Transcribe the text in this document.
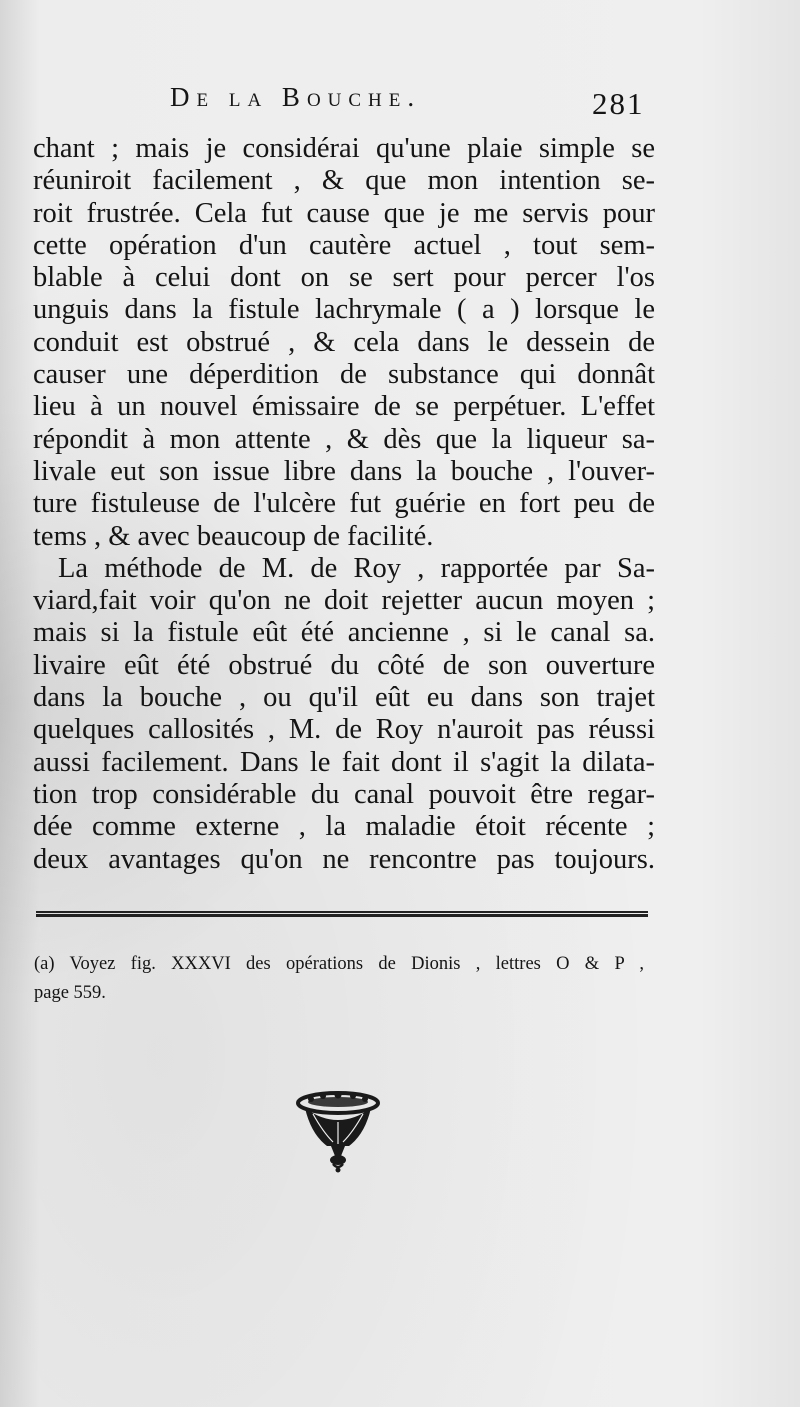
De la Bouche.	281
chant ; mais je considérai qu'une plaie simple se
réuniroit facilement , & que mon intention se-
roit frustrée. Cela fut cause que je me servis pour
cette opération d'un cautère actuel , tout sem-
blable à celui dont on se sert pour percer l'os
unguis dans la fistule lachrymale ( a ) lorsque le
conduit est obstrué , & cela dans le dessein de
causer une déperdition de substance qui donnât
lieu à un nouvel émissaire de se perpétuer. L'effet
répondit à mon attente , & dès que la liqueur sa-
livale eut son issue libre dans la bouche , l'ouver-
ture fistuleuse de l'ulcère fut guérie en fort peu de
tems , & avec beaucoup de facilité.
La méthode de M. de Roy , rapportée par Sa-
viard,fait voir qu'on ne doit rejetter aucun moyen ;
mais si la fistule eût été ancienne , si le canal sa.
livaire eût été obstrué du côté de son ouverture
dans la bouche , ou qu'il eût eu dans son trajet
quelques callosités , M. de Roy n'auroit pas réussi
aussi facilement. Dans le fait dont il s'agit la dilata-
tion trop considérable du canal pouvoit être regar-
dée comme externe , la maladie étoit récente ;
deux avantages qu'on ne rencontre pas toujours.
(a) Voyez fig. XXXVI des opérations de Dionis , lettres O & P ,
page 559.
